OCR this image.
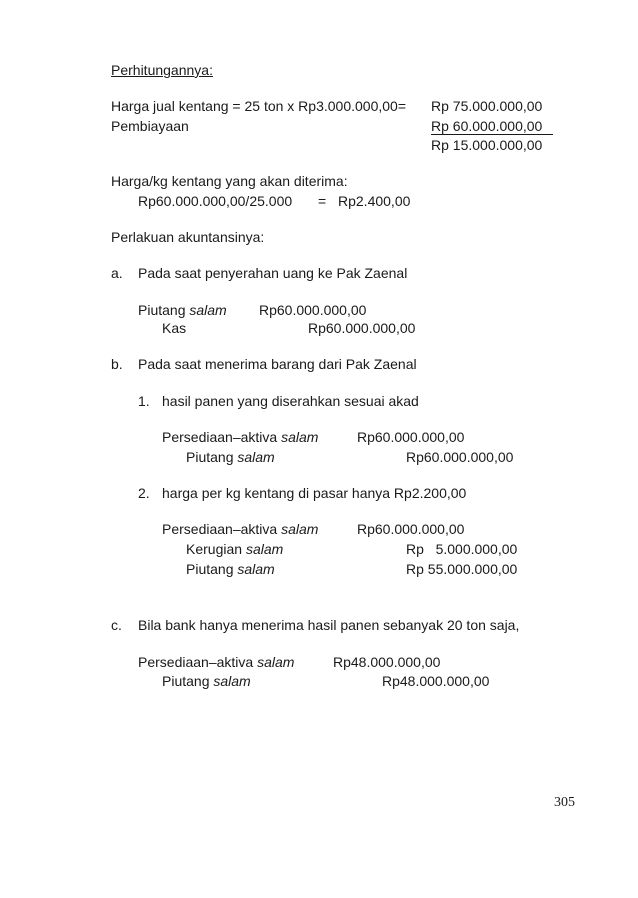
Perhitungannya:
Harga jual kentang = 25 ton x Rp3.000.000,00= Rp 75.000.000,00
Pembiayaan	Rp 60.000.000,00
Rp 15.000.000,00
Harga/kg kentang yang akan diterima:
Rp60.000.000,00/25.000 = Rp2.400,00
Perlakuan akuntansinya:
a. Pada saat penyerahan uang ke Pak Zaenal
Piutang salam Rp60.000.000,00
Kas	Rp60.000.000,00
b. Pada saat menerima barang dari Pak Zaenal
1. hasil panen yang diserahkan sesuai akad
Persediaan–aktiva salam	Rp60.000.000,00
Piutang salam	Rp60.000.000,00
2. harga per kg kentang di pasar hanya Rp2.200,00
Persediaan–aktiva salam	Rp60.000.000,00
Kerugian salam	Rp   5.000.000,00
Piutang salam	Rp 55.000.000,00
c. Bila bank hanya menerima hasil panen sebanyak 20 ton saja,
Persediaan–aktiva salam	Rp48.000.000,00
Piutang salam	Rp48.000.000,00
305
